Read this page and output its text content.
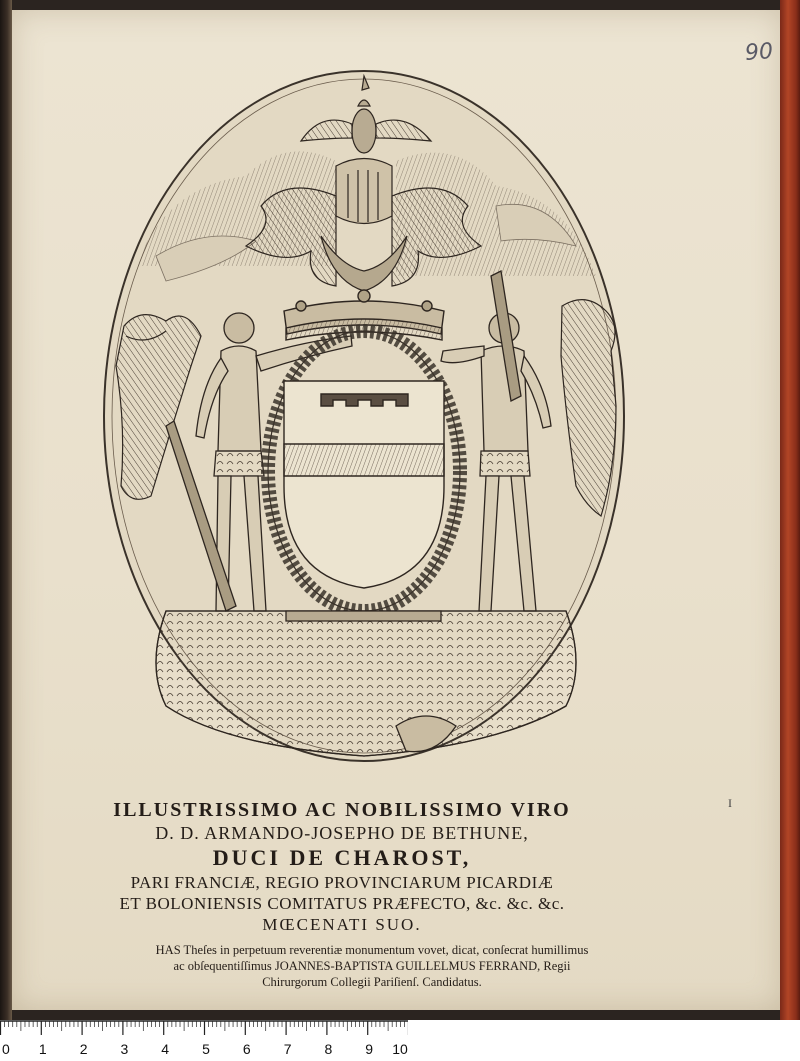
90
I
ILLUSTRISSIMO AC NOBILISSIMO VIRO
D. D. ARMANDO-JOSEPHO DE BETHUNE,
DUCI DE CHAROST,
PARI FRANCIÆ, REGIO PROVINCIARUM PICARDIÆ
ET BOLONIENSIS COMITATUS PRÆFECTO, &c. &c. &c.
MŒCENATI SUO.
HAS Theſes in perpetuum reverentiæ monumentum vovet, dicat, conſecrat humillimus
ac obſequentiſſimus JOANNES-BAPTISTA GUILLELMUS FERRAND, Regii
Chirurgorum Collegii Pariſienſ. Candidatus.
0 1 2 3 4 5 6 7 8 9 10
